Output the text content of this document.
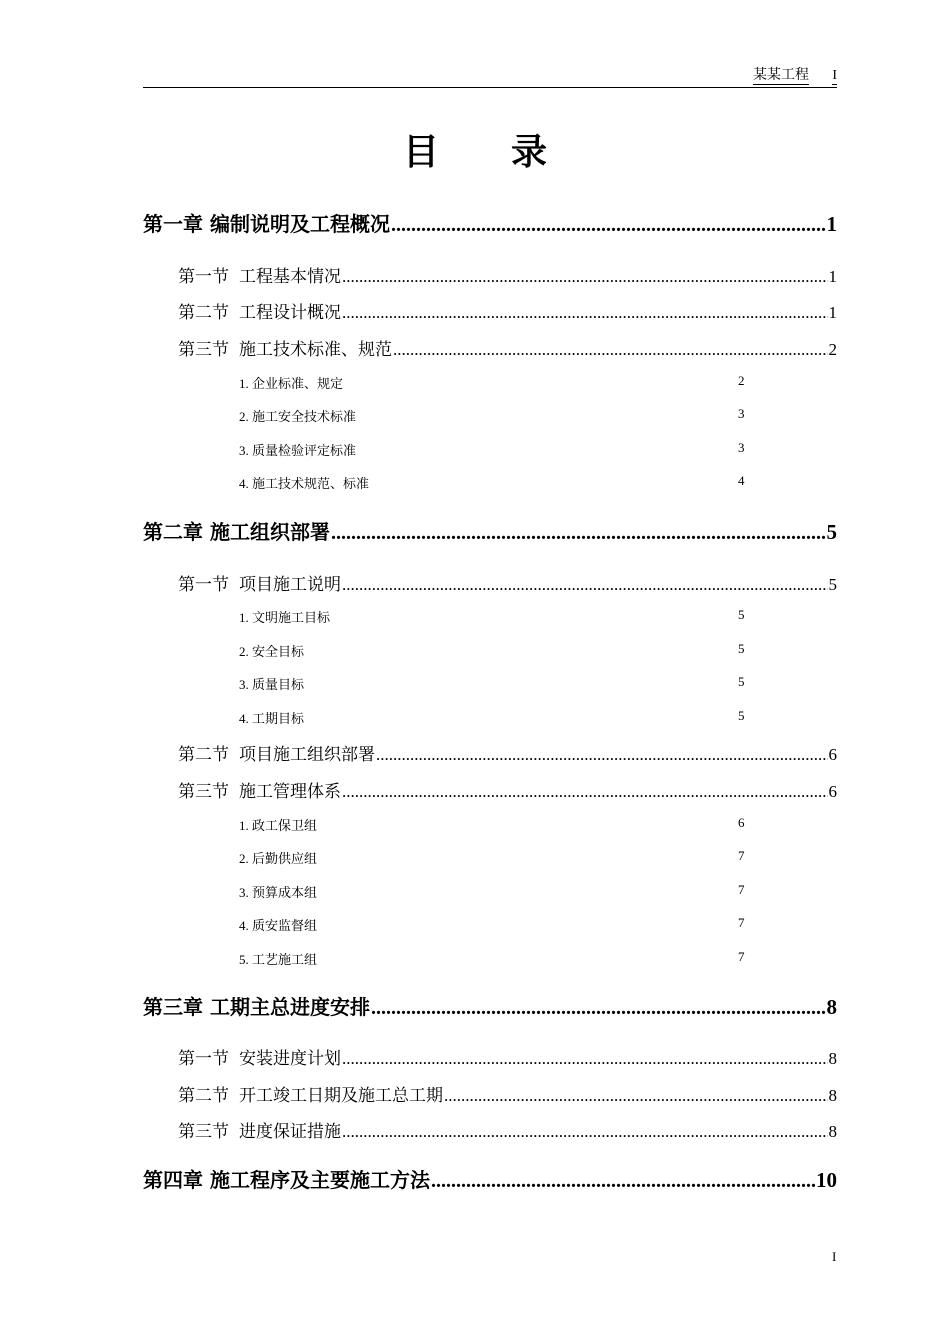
某某工程 I
目录
第一章 编制说明及工程概况 .....	1
第一节 工程基本情况 .....	1
第二节 工程设计概况 .....	1
第三节 施工技术标准、规范 .....	2
1. 企业标准、规定	2
2. 施工安全技术标准	3
3. 质量检验评定标准	3
4. 施工技术规范、标准	4
第二章 施工组织部署 .....	5
第一节 项目施工说明 .....	5
1. 文明施工目标	5
2. 安全目标	5
3. 质量目标	5
4. 工期目标	5
第二节 项目施工组织部署 .....	6
第三节 施工管理体系 .....	6
1. 政工保卫组	6
2. 后勤供应组	7
3. 预算成本组	7
4. 质安监督组	7
5. 工艺施工组	7
第三章 工期主总进度安排 .....	8
第一节 安装进度计划 .....	8
第二节 开工竣工日期及施工总工期 .....	8
第三节 进度保证措施 .....	8
第四章 施工程序及主要施工方法 .....	10
I
